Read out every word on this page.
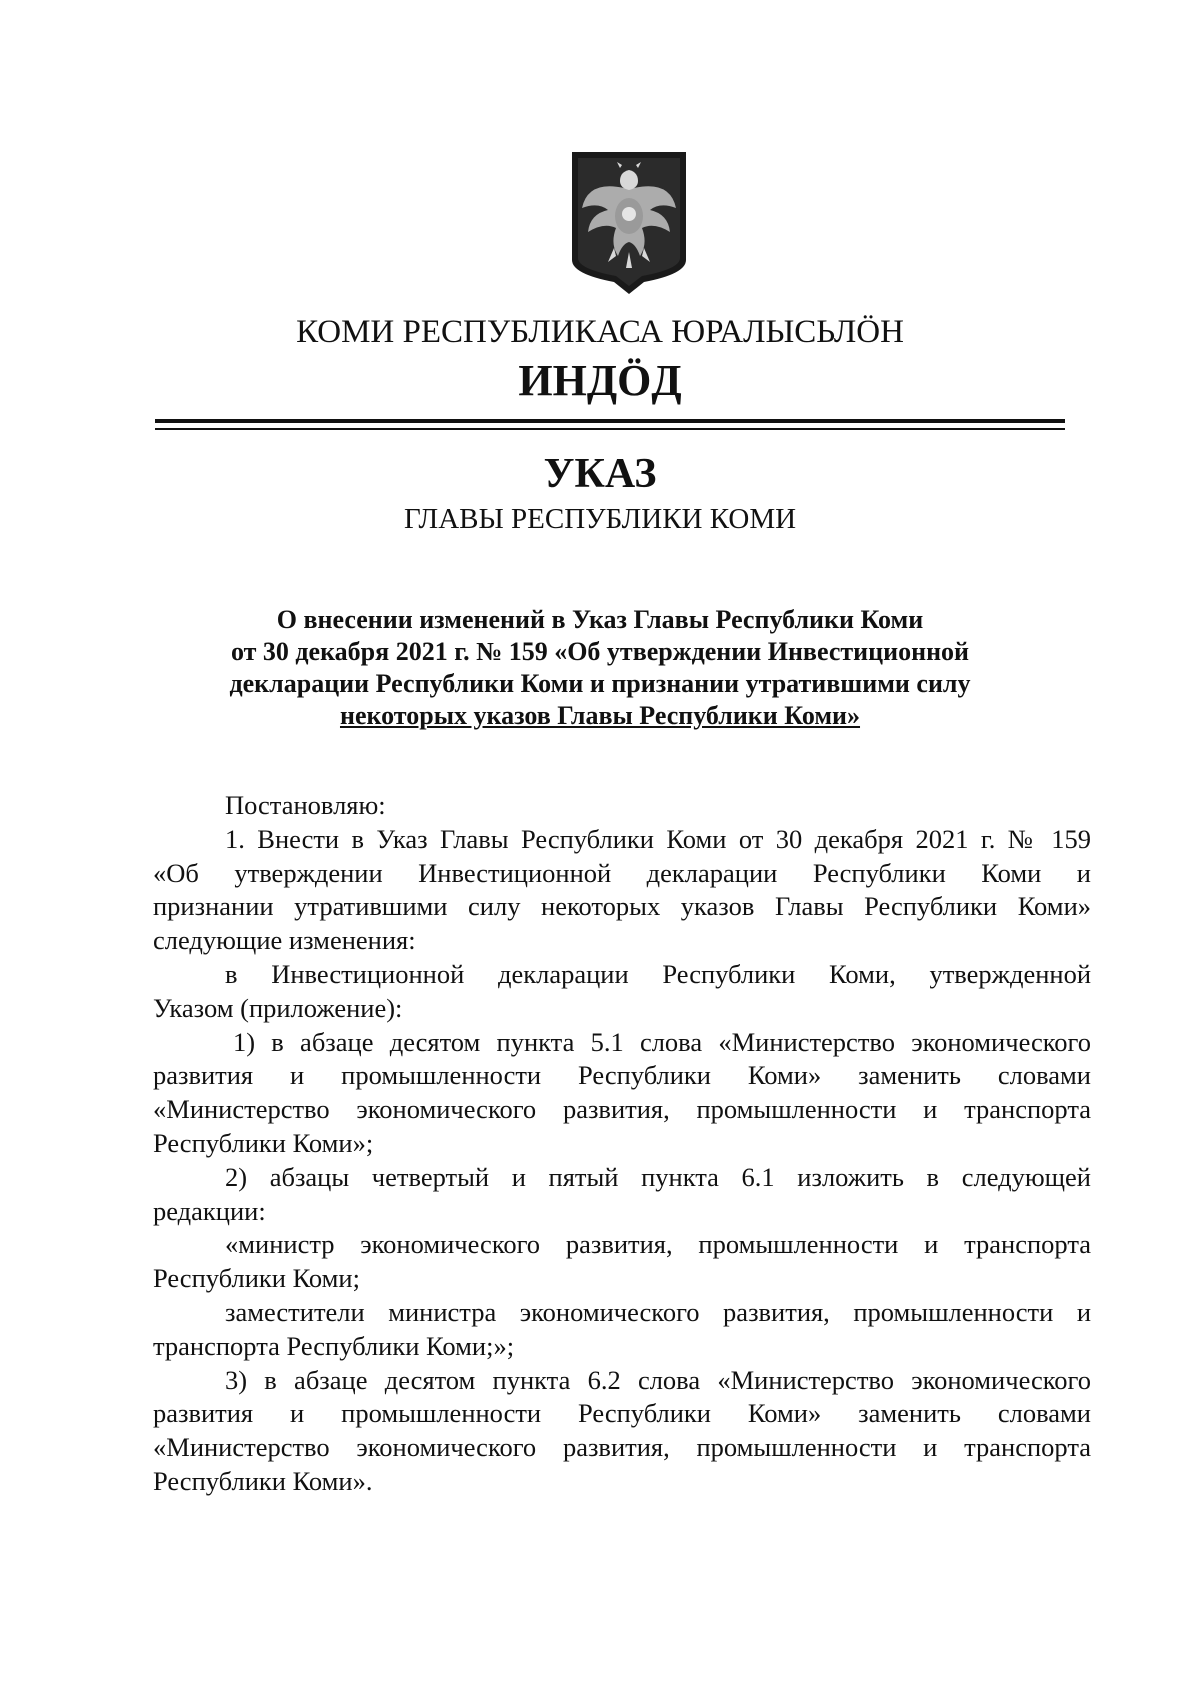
КОМИ РЕСПУБЛИКАСА ЮРАЛЫСЬЛӦН
ИНДӦД
УКАЗ
ГЛАВЫ РЕСПУБЛИКИ КОМИ
О внесении изменений в Указ Главы Республики Коми
от 30 декабря 2021 г. № 159 «Об утверждении Инвестиционной
декларации Республики Коми и признании утратившими силу
некоторых указов Главы Республики Коми»
Постановляю:
1. Внести в Указ Главы Республики Коми от 30 декабря 2021 г. № 159
«Об утверждении Инвестиционной декларации Республики Коми и
признании утратившими силу некоторых указов Главы Республики Коми»
следующие изменения:
в Инвестиционной декларации Республики Коми, утвержденной
Указом (приложение):
1) в абзаце десятом пункта 5.1 слова «Министерство экономического
развития и промышленности Республики Коми» заменить словами
«Министерство экономического развития, промышленности и транспорта
Республики Коми»;
2) абзацы четвертый и пятый пункта 6.1 изложить в следующей
редакции:
«министр экономического развития, промышленности и транспорта
Республики Коми;
заместители министра экономического развития, промышленности и
транспорта Республики Коми;»;
3) в абзаце десятом пункта 6.2 слова «Министерство экономического
развития и промышленности Республики Коми» заменить словами
«Министерство экономического развития, промышленности и транспорта
Республики Коми».
